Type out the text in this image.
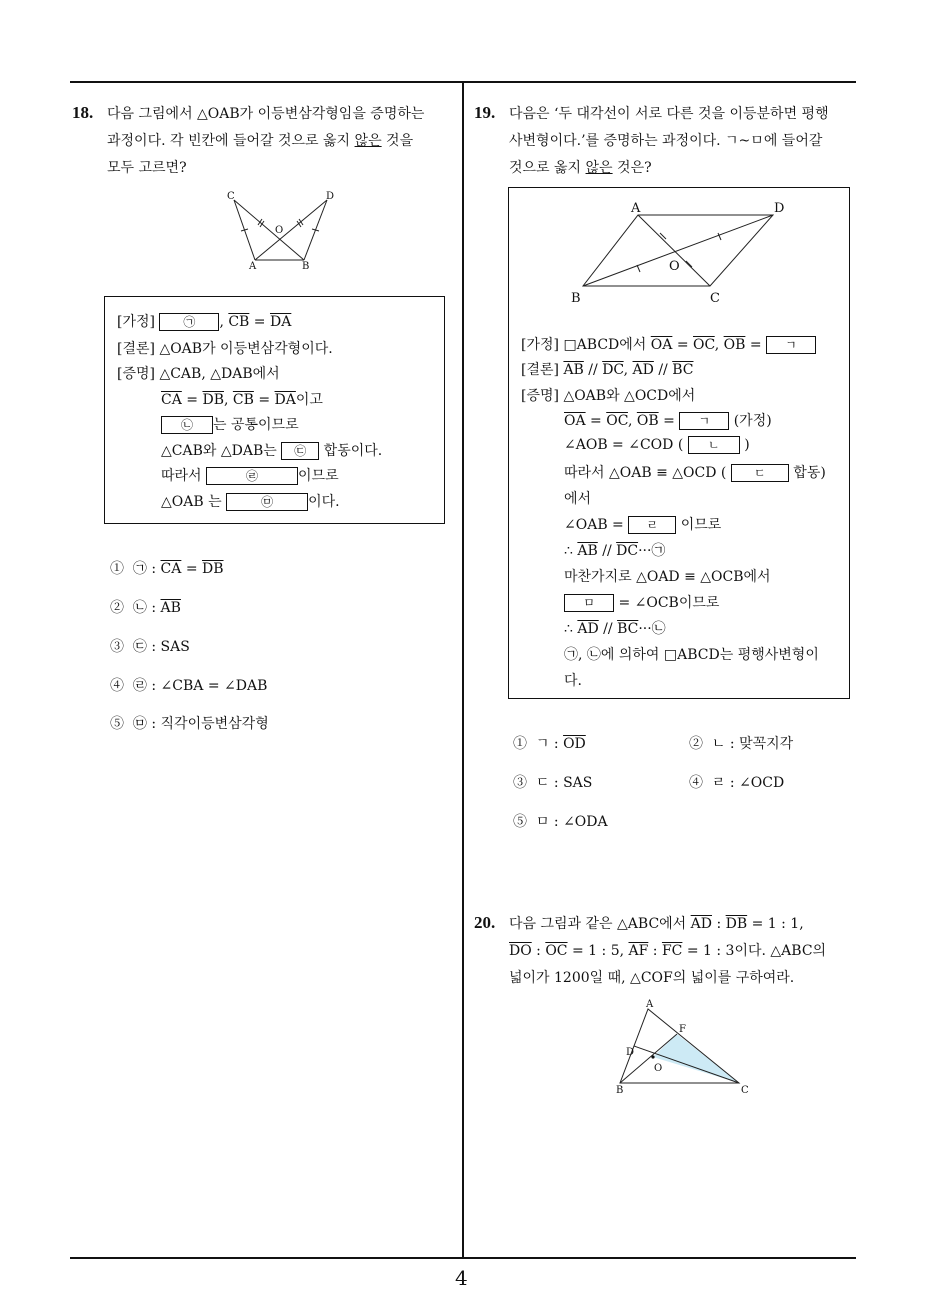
4
18. 다음 그림에서 △OAB가 이등변삼각형임을 증명하는
과정이다. 각 빈칸에 들어갈 것으로 옳지 않은 것을
모두 고르면?
C	D
O
A	B
[가정] ㉠ , $\overline{CB} = \overline{DA}$
[결론] △OAB가 이등변삼각형이다.
[증명] △CAB, △DAB에서
$\overline{CA} = \overline{DB}$, $\overline{CB} = \overline{DA}$이고
㉡ 는 공통이므로
△CAB와 △DAB는 ㉢ 합동이다.
따라서	㉣	이므로
△OAB 는	㉤	이다.
① ㉠ : $\overline{CA} = \overline{DB}$
② ㉡ : $\overline{AB}$
③ ㉢ : SAS
④ ㉣ : ∠CBA = ∠DAB
⑤ ㉤ : 직각이등변삼각형
19. 다음은 ‘두 대각선이 서로 다른 것을 이등분하면 평행
사변형이다.’를 증명하는 과정이다. ㄱ~ㅁ에 들어갈
것으로 옳지 않은 것은?
A	D
O
B	C
[가정] □ABCD에서 $\overline{OA} = \overline{OC}$, $\overline{OB}$ = ㄱ
[결론] $\overline{AB} // \overline{DC}$, $\overline{AD} // \overline{BC}$
[증명] △OAB와 △OCD에서
$\overline{OA} = \overline{OC}$, $\overline{OB}$ = ㄱ (가정)
∠AOB = ∠COD ( ㄴ )
따라서 △OAB ≡ △OCD ( ㄷ 합동)
에서
∠OAB = ㄹ 이므로
∴ $\overline{AB}$ // $\overline{DC}\cdot\cdot\cdot㉠$
마찬가지로 △OAD ≡ △OCB에서
ㅁ = ∠OCB이므로
∴ $\overline{AD}$ // $\overline{BC}\cdot\cdot\cdot㉡$
㉠, ㉡에 의하여 □ABCD는 평행사변형이
다.
① ㄱ : $\overline{OD}$	② ㄴ : 맞꼭지각
③ ㄷ : SAS	④ ㄹ : ∠OCD
⑤ ㅁ : ∠ODA
20. 다음 그림과 같은 △ABC에서 $\overline{AD}$ : $\overline{DB} = 1$ : 1,
$\overline{DO}$ : $\overline{OC} = 1$ : 5, $\overline{AF}$ : $\overline{FC} = 1$ : 3이다. △ABC의
넓이가 1200일 때, △COF의 넓이를 구하여라.
A
F
D
O
B	C
